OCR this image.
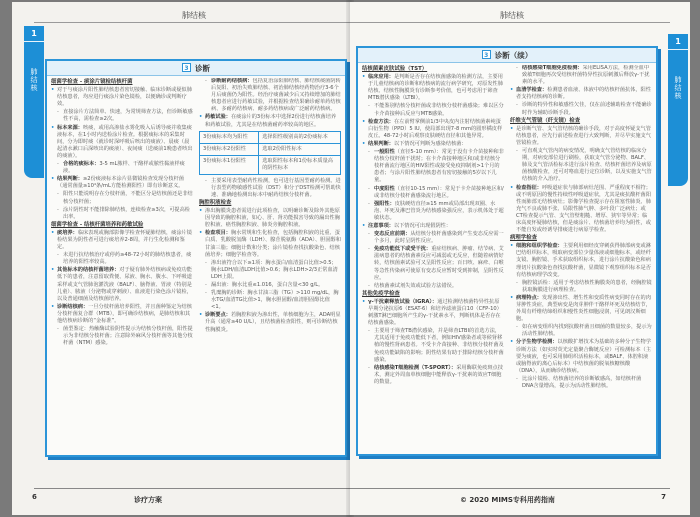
肺结核
1
肺结核	3 诊断
细菌学检查 - 痰涂片镜检结核杆菌
• 对于与痰涂片阳性肺结核患者密切接触、临床诊断或疑似肺结核患者，均应进行痰涂片染色镜检，以便确诊或判断疗效。
- 直接涂片方法简单、快速，为常规筛查方法，但诊断敏感性不高，需检查≥2次。
• 标本来源：咳痰，或用高渗盐水雾化吸入后诱导痰并收集痰液标本，在1小时内送检涂片检查。根据痰标本的采集时间，分为即时痰（就诊时深呼吸后咳出的痰液）、晨痰（晨起清水漱口后深咳出的痰液）、夜间痰（送痰前1晚患者咳出的痰液）。
- 合格的痰标本：3-5 mL脓样、干酪样或脓性黏液样痰液。
• 结果判断：≥2份痰液标本涂片显微镜检查发现分枝杆菌（通常菌量≥10⁴条/mL方能检测阳性）即有诊断意义。
- 阳性只能说明存在分枝杆菌，不能区分是结核菌还是非结核分枝杆菌；
- 涂片阴性时不能排除肺结核，连续检查≥3次，可提高检出率。
细菌学检查 - 结核杆菌培养和药敏试验
• 痰培养：临床表现或胸部影像学检查怀疑肺结核，痰涂片镜检结果为阴性者可进行痰培养2-8周，并行生化检测和鉴定。
- 未进行抗结核治疗或停药≥48-72小时的肺结核患者，痰培养的阳性率较高。
• 其他标本的结核杆菌培养：对于疑有肺外结核病或免疫功能低下的患者，注意留取粪便、尿液、胸水、腹水、下呼吸道采样或支气管肺泡灌洗液（BALF）、脑脊液、胃液（特别是儿童）、脓液（分泌物或穿刺液）、血液进行染色涂片镜检，以及普通细菌及结核菌培养。
• 诊断结核病：一旦分枝杆菌培养阳性，并且菌种鉴定为结核分枝杆菌复合群（MTB），即可确诊结核病，是肺结核和其他结核病诊断的“金标准”。
- 菌型鉴定：热触酶试验阴性提示为结核分枝杆菌，阳性提示为非结核分枝杆菌；注意除外麻风分枝杆菌等其他分枝杆菌（NTM）感染。
- 诊断耐药结核病：包括复治涂阳肺结核、肺结核痰菌阴转后复阳、初治失败肺结核、初治肺结核经药物治疗3-6个月后痰菌仍为阳性。经治疗痰菌减少后又持续增加的肺结核患者应进行药敏试验，并根据检查结果确诊耐单药结核病、多耐药结核病、耐多药结核病或广泛耐药结核病。
• 药敏试验：在痰涂片的3份标本中选择2份进行结核菌培养和药敏试验，尤其是在结核菌耐药率较高的地区。
3份痰标本均为阳性	选择阳性级别高的2份痰标本
3份痰标本2份阳性	选取2份阳性标本
3份痰标本1份阳性	选取阳性标本和1份标本质量高的阴性标本
- 主要采用表型耐药性检测，也可进行基因型耐药检测。进行表型药物敏感性试验（DST）和分子DST检测可帮助快速、准确地检测出标本中耐药结核分枝杆菌。
胸腔积液检查
• 渗出胸膜炎患者需进行此项检查，以明确诊断及除外其他原因导致的胸腔积液，如心、肝、肾功能损害导致的漏出性胸腔积液、癌性胸腔积液、肺炎旁胸腔积液。
• 检查项目：胸水常规和生化检查，包括胸腔积液的比重、蛋白质、乳酸脱氢酶（LDH）、腺苷脱氨酶（ADA）、胆固醇和甘油三脂；细胞计数和分类；涂片镜检查找抗酸染色、结核菌培养；细胞学检查等。
- 渗出液符合以下≥1项：胸水蛋白/血清蛋白比值>0.5；胸水LDH/血清LDH比值>0.6；胸水LDH>2/3正常血清LDH上限。
- 漏出液：胸水比重≤1.016，蛋白含量<30 g/L。
- 乳糜胸的诊断：胸水甘油三脂（TG）>110 mg/dL，胸水TG/血清TG比值>1，胸水胆固醇/血清胆固醇比值<1。
• 诊断要点：若胸腔积液为渗出性，单核细胞为主，ADA明显升高（通常≥40 U/L），且结核菌检查阳性，则可诊断结核性胸膜炎。
6	诊疗方案
肺结核
1
肺结核
3 诊断（续）
结核菌素皮肤试验（TST）
• 临床应用：是判断是否存在结核菌感染的检测方法，主要用于儿童结核病的诊断和结核病的流行病学研究，对原发性肺结核、结核性胸膜炎有诊断参考价值，也可考虑用于筛查MTB潜伏感染（LTBI）。
- 不能鉴别结核分枝杆菌或非结核分枝杆菌感染；难以区分卡介苗接种后反应与MTB感染。
• 检查方法：在左前臂掌侧前1/3中央皮内注射结核菌素纯蛋白衍生物（PPD）5 IU，使局部出现7-8 mm的圆形橘皮样皮丘。48-72小时后观察皮肤硬结直径和其他异常。
• 结果判断：以下情况可判断为感染结核菌：
- 一般阳性（直径5-10 mm）：常见于没有卡介苗接种和非结核分枝杆菌干扰时；在卡介苗接种地区和/或非结核分枝杆菌流行地区的HIV阳性或接受免疫抑制剂>1个月的患者；与涂片阳性肺结核患者有密切接触的5岁以下儿童。
- 中度阳性（直径10-15 mm）：常见于卡介苗接种地区和/或非结核分枝杆菌感染流行地区。
- 强阳性：皮肤硬结直径≥15 mm或局部出现双圈、水泡、坏死及淋巴管炎为结核感染强反应，表示机体处于超敏状态。
• 注意事项：以下情况可出现假阴性：
- 变态反应前期：从结核分枝杆菌感染到产生变态反应需一个多月，此时呈阴性反应。
- 免疫功能低下或受干扰：重症结核病、肿瘤、结节病、艾滋病患者的结核菌素反应可减弱或无反应，但随着病情好转，结核菌素试验可又呈阳性反应；百日咳、麻疹、白喉等急性传染病可使原有变态反应暂时受到抑制，呈阴性反应。
- 结核菌素试剂失效或试验方法错误。
其他免疫学检查
• γ-干扰素释放试验（IGRA）：通过检测结核菌特异性抗原早期分泌抗原6（ESAT-6）和培养滤液蛋白10（CFP-10）刺激T淋巴细胞所产生的γ-干扰素水平，判断机体是否存在结核菌感染。
- 主要用于筛查TB潜伏感染，并是筛查LTBI的首选方法，尤其适用于免疫功能低下者，例如HIV感染者或等候肾移植的慢性肾病患者。不受卡介苗接种、非结核分枝杆菌及免疫功能缺陷的影响；阴性结果有助于排除结核分枝杆菌感染。
- 结核感染T细胞检测（T-SPORT）：采用酶联免疫斑点技术，测定外周血单核细胞中能释放γ-干扰素的效应T细胞的数量。
- 结核感染T细胞免疫检测：采用ELISA方法，检测全血中致敏T细胞再次受结核杆菌特异性抗原刺激后释放γ-干扰素的水平。
• 血清学检查：检测患者血液、体液中的结核杆菌抗体，阳性者支持结核病的诊断。
- 诊断的特异性和敏感性欠佳，仅在前述辅助检查不能确诊时作为辅助诊断手段。
纤维支气管镜（纤支镜）检查
• 是诊断气管、支气管结核的确诊手段，对于高度怀疑支气管结核患者，应先行前述检查进行大致判断，并尽早实施支气管镜检查。
- 可直观支气管内的病变情况，明确支气管结核的临床分期，对病变部位进行刷检，获取支气管分泌物、BALF、肺及支气管活检标本进行涂片检查、结核杆菌培养及病原菌核酸检查，还可对咯血进行定位诊断，以及实施支气管结核的介入治疗。
• 检查指征：呼吸道症状与肺部病灶范围、严重程度不相符；或不明原因的慢性持续性呼吸道症状，尤其是痰抗酸杆菌阳性而肺部无结核病灶；影像学检查提示存在阻塞性肺炎、肺充气不良或肺不张、局限性肺气肿、多叶段广泛病灶；或CT检查提示气管、支气管壁粗糙、增厚、狭窄等异常；临床高度怀疑肺结核，但是痰涂片、结核菌培养均为阴性，或不能自发或经诱导排痰进行病原学检查。
病理学检查
• 细胞和组织学检查：主要利用细经皮穿刺获得肺部病变或淋巴结组织标本，吸取病变部位少量体液或细胞标本，或经纤支镜、胸腔镜、手术获取组织标本，进行涂片抗酸染色和病理切片抗酸染色查找抗酸杆菌，显微镜下观察组织标本是否有结核病理学改变。
- 胸腔镜活检：适用于考虑结核性胸膜炎的患者，经胸腔镜获取胸膜进行病理检查。
• 病理特点：发现渗出性、增生性和变质性病变同时存在的肉芽肿性炎症，典型病变是肉芽肿伴干酪样坏死及结核结节，外周有纤维结缔组织和慢性炎性细胞浸润，可见朗汉斯细胞。
- 如在病变组织内找到抗酸杆菌且细菌的数量较多，提示为活动性肺结核。
• 分子生物学检测：以核酸扩增技术为基础的多种分子生物学诊断方法（如实时荧光定量聚合酶链反应）可检测标本（主要为痰液，也可采用肺组织活检标本，或BALF、体腔积液或脑脊液的离心后标本）中结核菌的脱氧核糖核酸（DNA），从而确诊结核病。
- 比涂片镜检、结核菌培养的诊断敏感高，如结核杆菌DNA含量增高，提示为活动性肺结核。
© 2020 MIMS专科用药指南	7
